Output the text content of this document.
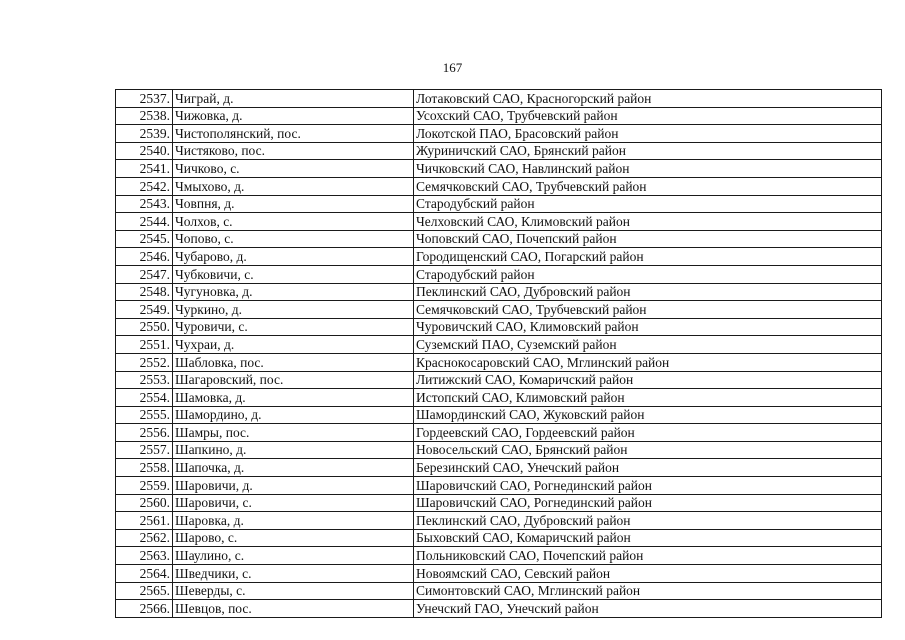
167
2537.	Чиграй, д.	Лотаковский САО, Красногорский район
2538.	Чижовка, д.	Усохский САО, Трубчевский район
2539.	Чистополянский, пос.	Локотской ПАО, Брасовский район
2540.	Чистяково, пос.	Журиничский САО, Брянский район
2541.	Чичково, с.	Чичковский САО, Навлинский район
2542.	Чмыхово, д.	Семячковский САО, Трубчевский район
2543.	Човпня, д.	Стародубский район
2544.	Чолхов, с.	Челховский САО, Климовский район
2545.	Чопово, с.	Чоповский САО, Почепский район
2546.	Чубарово, д.	Городищенский САО, Погарский район
2547.	Чубковичи, с.	Стародубский район
2548.	Чугуновка, д.	Пеклинский САО, Дубровский район
2549.	Чуркино, д.	Семячковский САО, Трубчевский район
2550.	Чуровичи, с.	Чуровичский САО, Климовский район
2551.	Чухраи, д.	Суземский ПАО, Суземский район
2552.	Шабловка, пос.	Краснокосаровский САО, Мглинский район
2553.	Шагаровский, пос.	Литижский САО, Комаричский район
2554.	Шамовка, д.	Истопский САО, Климовский район
2555.	Шамордино, д.	Шамординский САО, Жуковский район
2556.	Шамры, пос.	Гордеевский САО, Гордеевский район
2557.	Шапкино, д.	Новосельский САО, Брянский район
2558.	Шапочка, д.	Березинский САО, Унечский район
2559.	Шаровичи, д.	Шаровичский САО, Рогнединский район
2560.	Шаровичи, с.	Шаровичский САО, Рогнединский район
2561.	Шаровка, д.	Пеклинский САО, Дубровский район
2562.	Шарово, с.	Быховский САО, Комаричский район
2563.	Шаулино, с.	Польниковский САО, Почепский район
2564.	Шведчики, с.	Новоямский САО, Севский район
2565.	Шеверды, с.	Симонтовский САО, Мглинский район
2566.	Шевцов, пос.	Унечский ГАО, Унечский район
